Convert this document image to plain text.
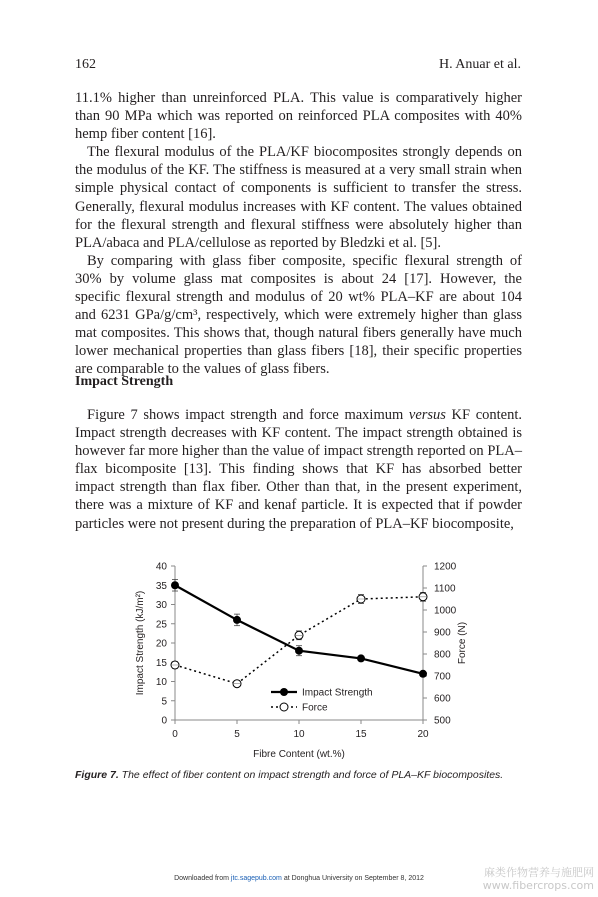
162	H. Anuar et al.

11.1% higher than unreinforced PLA. This value is comparatively higher than 90 MPa which was reported on reinforced PLA composites with 40% hemp fiber content [16].

The flexural modulus of the PLA/KF biocomposites strongly depends on the modulus of the KF. The stiffness is measured at a very small strain when simple physical contact of components is sufficient to transfer the stress. Generally, flexural modulus increases with KF content. The values obtained for the flexural strength and flexural stiffness were absolutely higher than PLA/abaca and PLA/cellulose as reported by Bledzki et al. [5].

By comparing with glass fiber composite, specific flexural strength of 30% by volume glass mat composites is about 24 [17]. However, the specific flexural strength and modulus of 20 wt% PLA–KF are about 104 and 6231 GPa/g/cm³, respectively, which were extremely higher than glass mat composites. This shows that, though natural fibers generally have much lower mechanical properties than glass fibers [18], their specific properties are comparable to the values of glass fibers.

Impact Strength

Figure 7 shows impact strength and force maximum versus KF content. Impact strength decreases with KF content. The impact strength obtained is however far more higher than the value of impact strength reported on PLA–flax bicomposite [13]. This finding shows that KF has absorbed better impact strength than flax fiber. Other than that, in the present experiment, there was a mixture of KF and kenaf particle. It is expected that if powder particles were not present during the preparation of PLA–KF biocomposite,

0
5
10
15
20
25
30
35
40
500
600
700
800
900
1000
1100
1200
0	5	10	15	20
Fibre Content (wt.%)
Impact Strength (kJ/m²)	Force (N)
Impact Strength
Force
Figure 7. The effect of fiber content on impact strength and force of PLA–KF biocomposites.
Downloaded from jtc.sagepub.com at Donghua University on September 8, 2012	麻类作物营养与施肥网
www.fibercrops.com
